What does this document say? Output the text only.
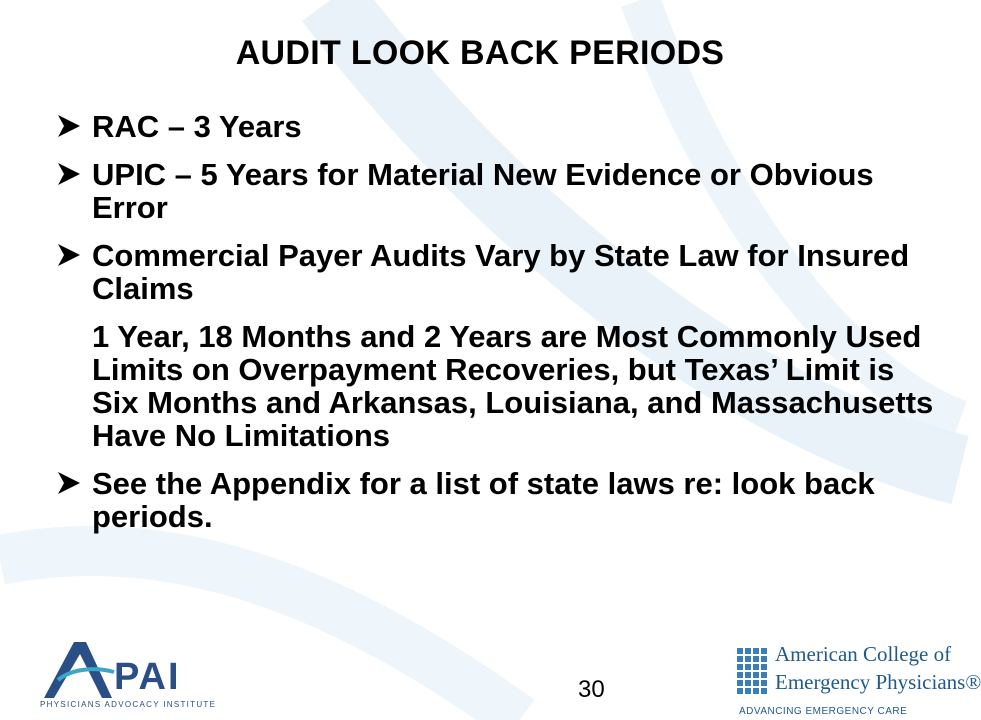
AUDIT LOOK BACK PERIODS
RAC – 3 Years
UPIC – 5 Years for Material New Evidence or Obvious Error
Commercial Payer Audits Vary by State Law for Insured Claims
1 Year, 18 Months and 2 Years are Most Commonly Used Limits on Overpayment Recoveries, but Texas’ Limit is Six Months and Arkansas, Louisiana, and Massachusetts Have No Limitations
See the Appendix for a list of state laws re: look back periods.
PAI
PHYSICIANS ADVOCACY INSTITUTE
30
American College of
Emergency Physicians®
ADVANCING EMERGENCY CARE
